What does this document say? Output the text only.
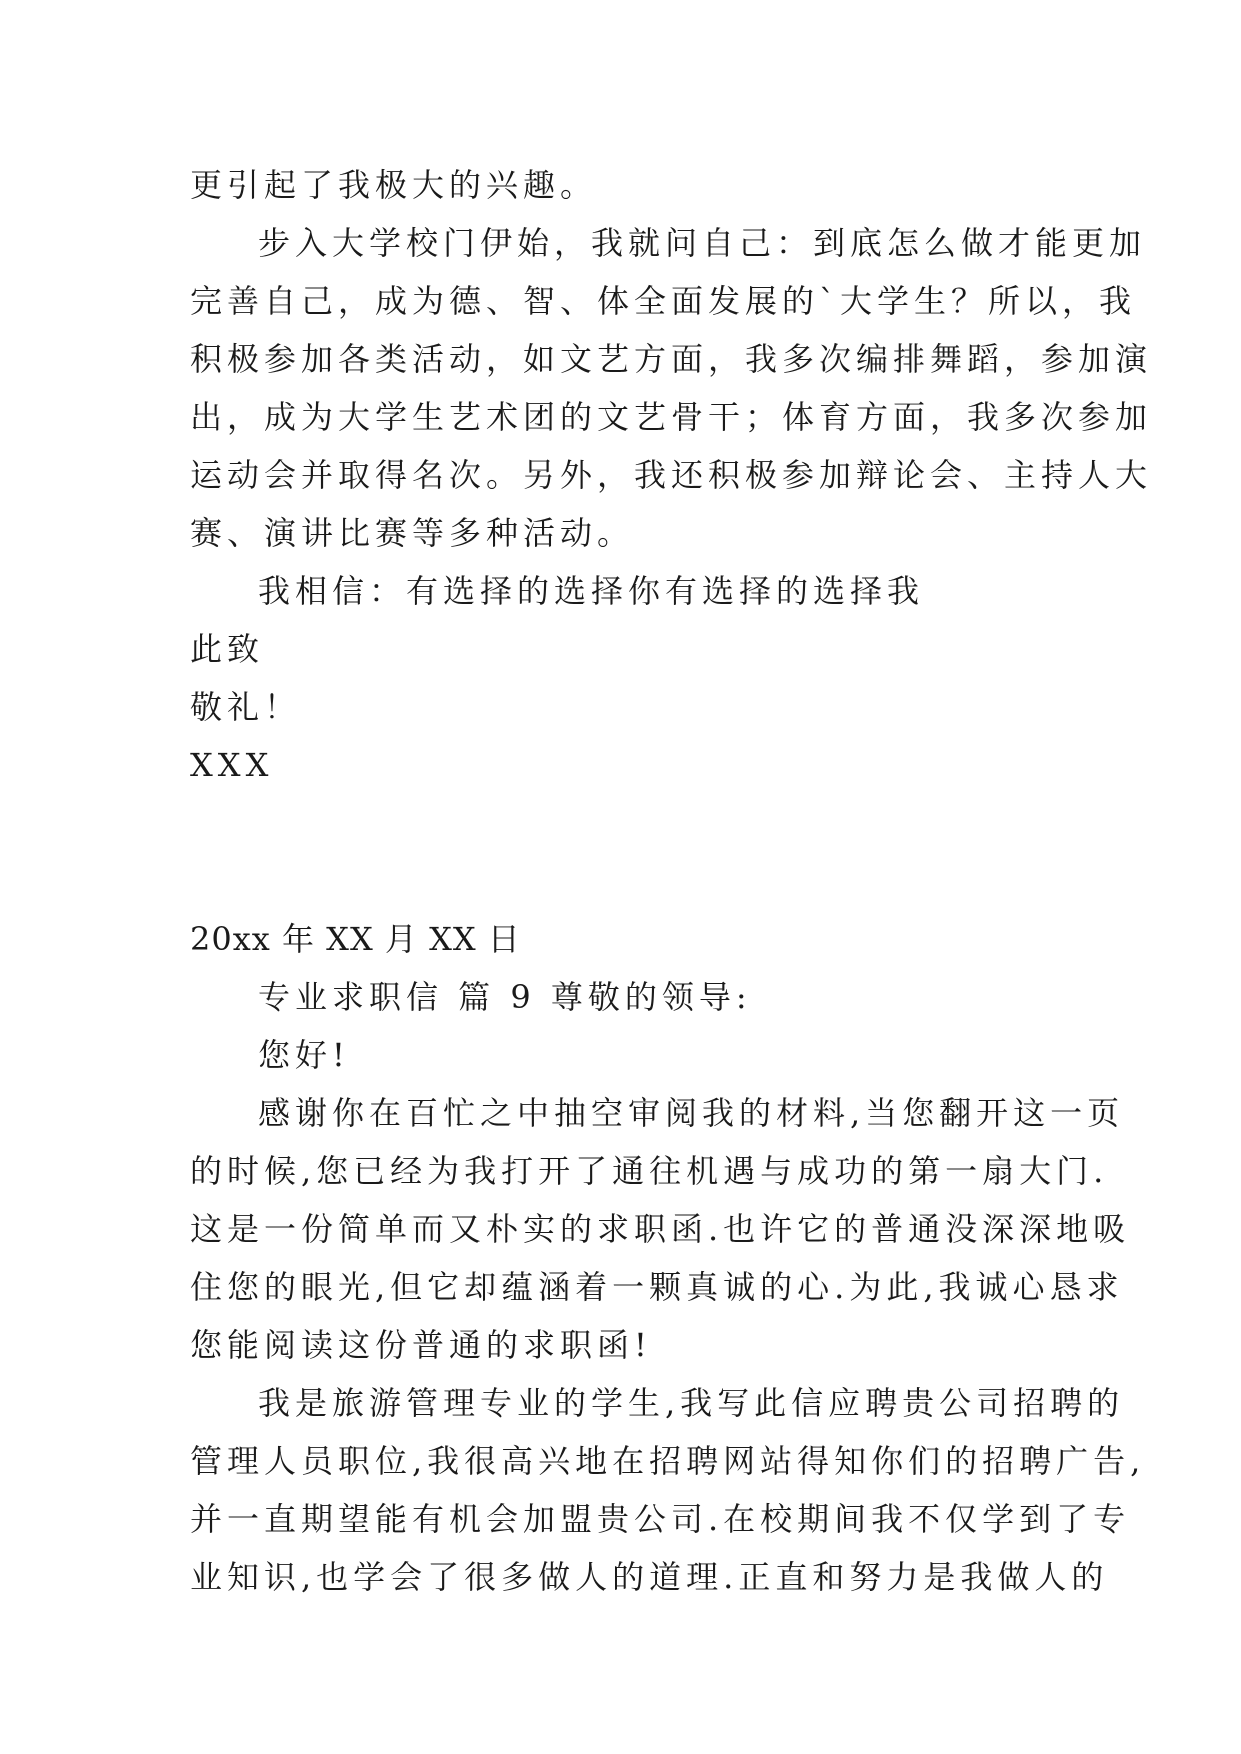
更引起了我极大的兴趣。
步入大学校门伊始，我就问自己：到底怎么做才能更加
完善自己，成为德、智、体全面发展的`大学生？所以，我
积极参加各类活动，如文艺方面，我多次编排舞蹈，参加演
出，成为大学生艺术团的文艺骨干；体育方面，我多次参加
运动会并取得名次。另外，我还积极参加辩论会、主持人大
赛、演讲比赛等多种活动。
我相信：有选择的选择你有选择的选择我
此致
敬礼！
XXX
20xx 年 XX 月 XX 日
专业求职信 篇 9 尊敬的领导:
您好!
感谢你在百忙之中抽空审阅我的材料,当您翻开这一页
的时候,您已经为我打开了通往机遇与成功的第一扇大门.
这是一份简单而又朴实的求职函.也许它的普通没深深地吸
住您的眼光,但它却蕴涵着一颗真诚的心.为此,我诚心恳求
您能阅读这份普通的求职函!
我是旅游管理专业的学生,我写此信应聘贵公司招聘的
管理人员职位,我很高兴地在招聘网站得知你们的招聘广告,
并一直期望能有机会加盟贵公司.在校期间我不仅学到了专
业知识,也学会了很多做人的道理.正直和努力是我做人的
